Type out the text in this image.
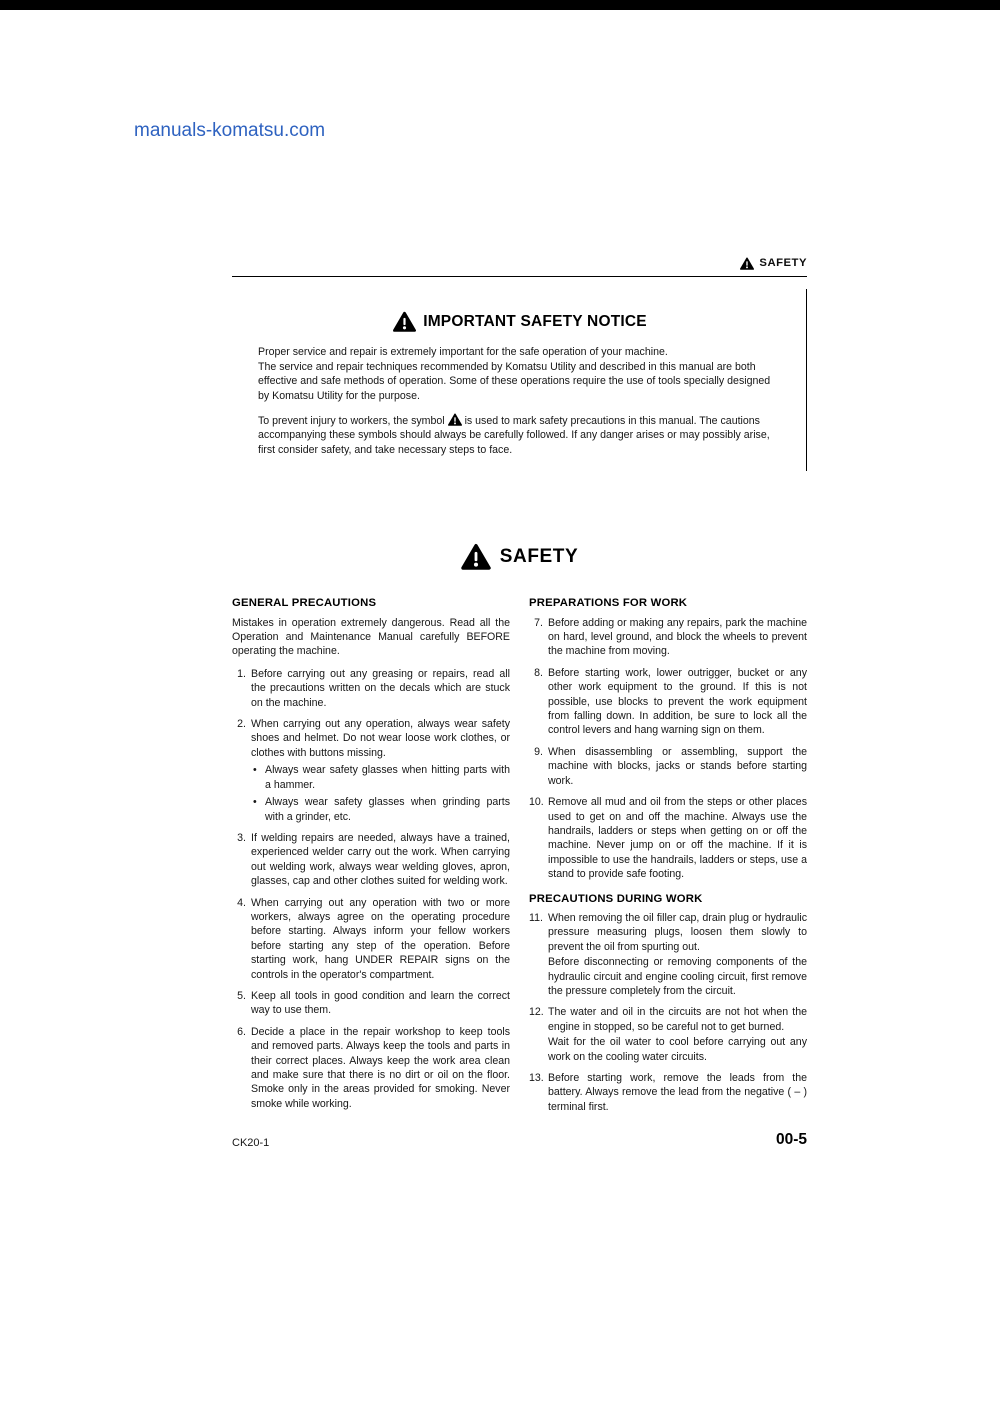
manuals-komatsu.com
SAFETY
IMPORTANT SAFETY NOTICE

Proper service and repair is extremely important for the safe operation of your machine.

The service and repair techniques recommended by Komatsu Utility and described in this manual are both effective and safe methods of operation. Some of these operations require the use of tools specially designed by Komatsu Utility for the purpose.

To prevent injury to workers, the symbol is used to mark safety precautions in this manual. The cautions accompanying these symbols should always be carefully followed. If any danger arises or may possibly arise, first consider safety, and take necessary steps to face.

SAFETY
GENERAL PRECAUTIONS

Mistakes in operation extremely dangerous. Read all the Operation and Maintenance Manual carefully BEFORE operating the machine.

1. Before carrying out any greasing or repairs, read all the precautions written on the decals which are stuck on the machine.
2. When carrying out any operation, always wear safety shoes and helmet. Do not wear loose work clothes, or clothes with buttons missing.
• Always wear safety glasses when hitting parts with a hammer.
• Always wear safety glasses when grinding parts with a grinder, etc.
3. If welding repairs are needed, always have a trained, experienced welder carry out the work. When carrying out welding work, always wear welding gloves, apron, glasses, cap and other clothes suited for welding work.
4. When carrying out any operation with two or more workers, always agree on the operating procedure before starting. Always inform your fellow workers before starting any step of the operation. Before starting work, hang UNDER REPAIR signs on the controls in the operator's compartment.
5. Keep all tools in good condition and learn the correct way to use them.
6. Decide a place in the repair workshop to keep tools and removed parts. Always keep the tools and parts in their correct places. Always keep the work area clean and make sure that there is no dirt or oil on the floor. Smoke only in the areas provided for smoking. Never smoke while working.
PREPARATIONS FOR WORK
7. Before adding or making any repairs, park the machine on hard, level ground, and block the wheels to prevent the machine from moving.
8. Before starting work, lower outrigger, bucket or any other work equipment to the ground. If this is not possible, use blocks to prevent the work equipment from falling down. In addition, be sure to lock all the control levers and hang warning sign on them.
9. When disassembling or assembling, support the machine with blocks, jacks or stands before starting work.
10. Remove all mud and oil from the steps or other places used to get on and off the machine. Always use the handrails, ladders or steps when getting on or off the machine. Never jump on or off the machine. If it is impossible to use the handrails, ladders or steps, use a stand to provide safe footing.
PRECAUTIONS DURING WORK
11. When removing the oil filler cap, drain plug or hydraulic pressure measuring plugs, loosen them slowly to prevent the oil from spurting out.
Before disconnecting or removing components of the hydraulic circuit and engine cooling circuit, first remove the pressure completely from the circuit.
12. The water and oil in the circuits are not hot when the engine in stopped, so be careful not to get burned.
Wait for the oil water to cool before carrying out any work on the cooling water circuits.
13. Before starting work, remove the leads from the battery. Always remove the lead from the negative ( – ) terminal first.
CK20-1	00-5
